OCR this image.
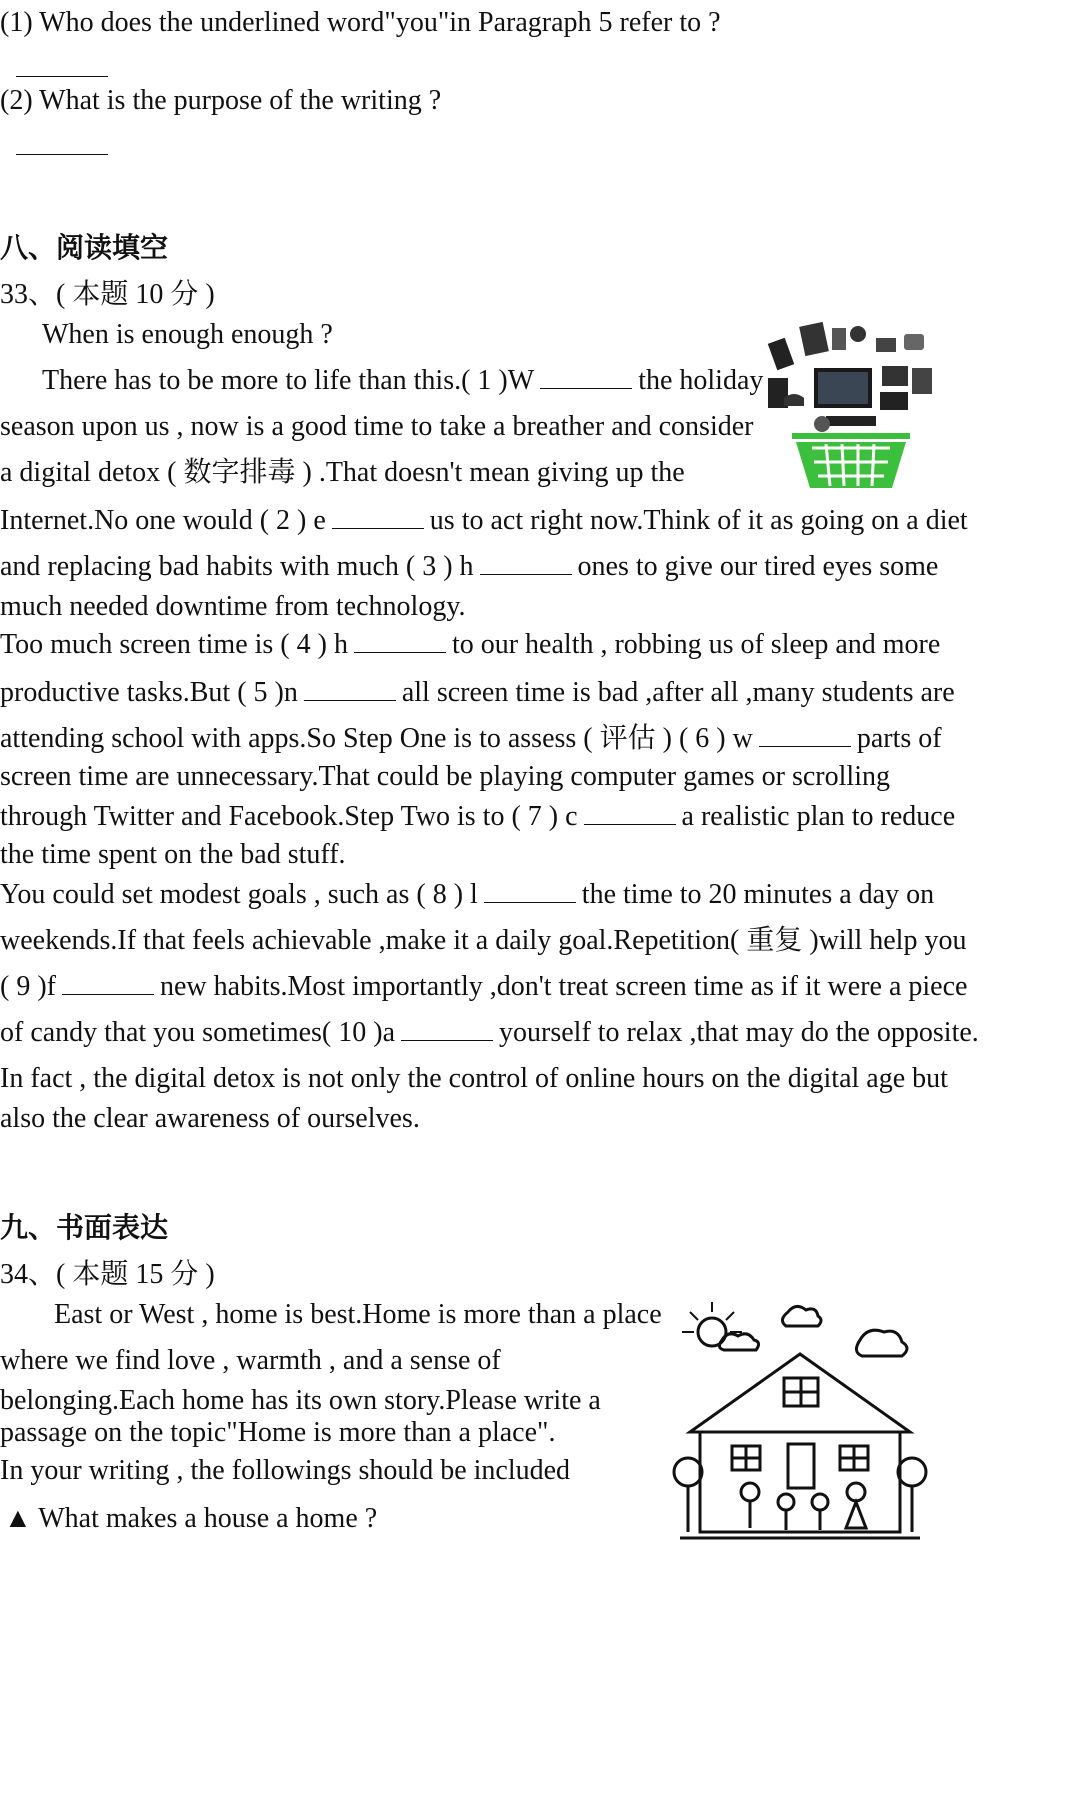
(1) Who does the underlined word"you"in Paragraph 5 refer to ?
(2) What is the purpose of the writing ?
八、阅读填空
33、( 本题 10 分 )
When is enough enough ?
There has to be more to life than this.( 1 )W	the holiday
season upon us , now is a good time to take a breather and consider
a digital detox ( 数字排毒 ) .That doesn't mean giving up the
Internet.No one would ( 2 ) e	us to act right now.Think of it as going on a diet
and replacing bad habits with much ( 3 ) h	ones to give our tired eyes some
much needed downtime from technology.
Too much screen time is ( 4 ) h	to our health , robbing us of sleep and more
productive tasks.But ( 5 )n	all screen time is bad ,after all ,many students are
attending school with apps.So Step One is to assess ( 评估 ) ( 6 ) w	parts of
screen time are unnecessary.That could be playing computer games or scrolling
through Twitter and Facebook.Step Two is to ( 7 ) c	a realistic plan to reduce
the time spent on the bad stuff.
You could set modest goals , such as ( 8 ) l	the time to 20 minutes a day on
weekends.If that feels achievable ,make it a daily goal.Repetition( 重复 )will help you
( 9 )f	new habits.Most importantly ,don't treat screen time as if it were a piece
of candy that you sometimes( 10 )a	yourself to relax ,that may do the opposite.
In fact , the digital detox is not only the control of online hours on the digital age but
also the clear awareness of ourselves.
九、书面表达
34、( 本题 15 分 )
East or West , home is best.Home is more than a place
where we find love , warmth , and a sense of
belonging.Each home has its own story.Please write a
passage on the topic"Home is more than a place".
In your writing , the followings should be included
▲ What makes a house a home ?
